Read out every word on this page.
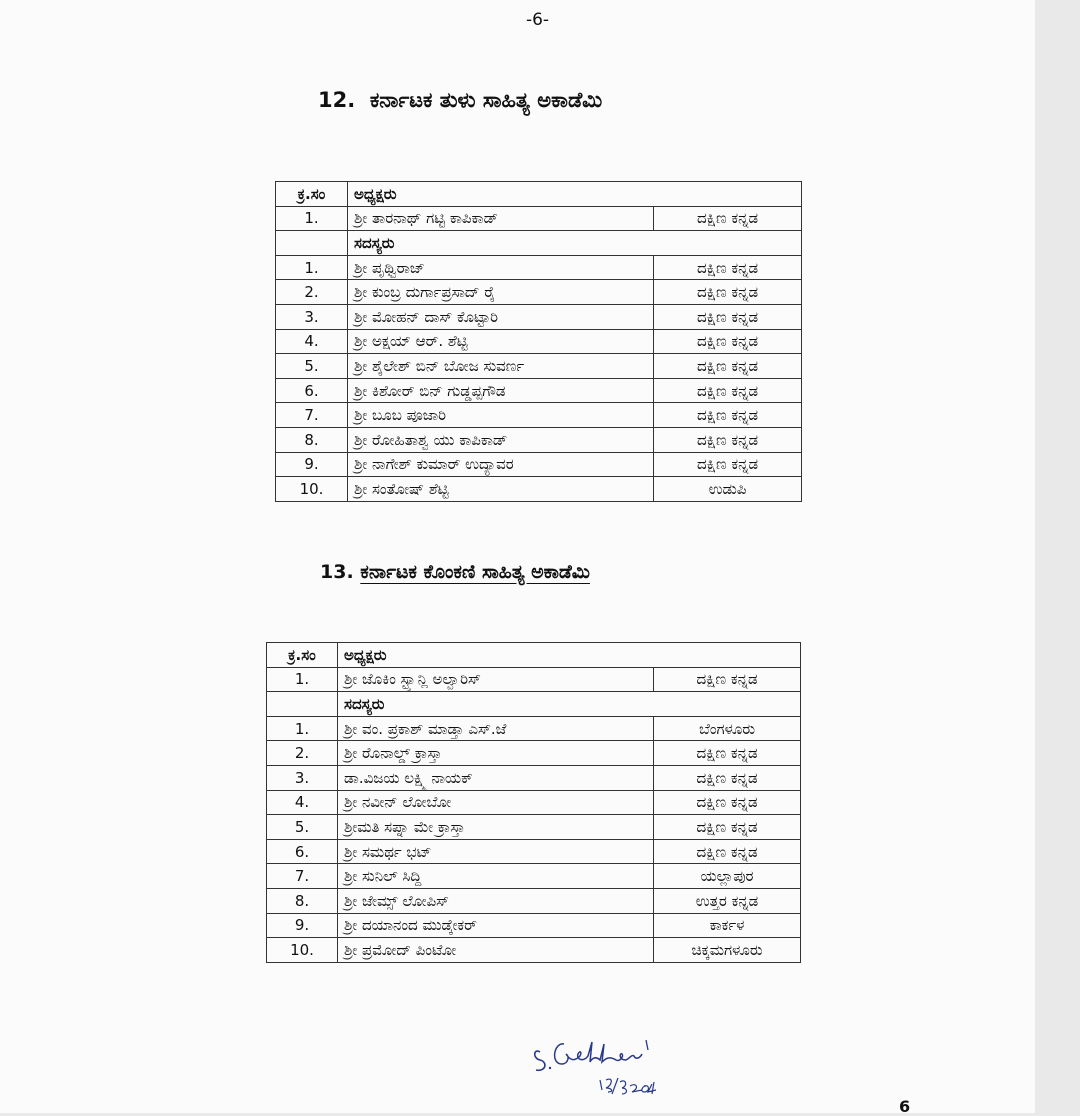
-6-
12. ಕರ್ನಾಟಕ ತುಳು ಸಾಹಿತ್ಯ ಅಕಾಡೆಮಿ
ಕ್ರ.ಸಂ	ಅಧ್ಯಕ್ಷರು	
1.	ಶ್ರೀ ತಾರನಾಥ್ ಗಟ್ಟಿ ಕಾಪಿಕಾಡ್	ದಕ್ಷಿಣ ಕನ್ನಡ
	ಸದಸ್ಯರು	
1.	ಶ್ರೀ ಪೃಥ್ವಿರಾಜ್	ದಕ್ಷಿಣ ಕನ್ನಡ
2.	ಶ್ರೀ ಕುಂಬ್ರ ದುರ್ಗಾಪ್ರಸಾದ್ ರೈ	ದಕ್ಷಿಣ ಕನ್ನಡ
3.	ಶ್ರೀ ಮೋಹನ್ ದಾಸ್ ಕೊಟ್ಟಾರಿ	ದಕ್ಷಿಣ ಕನ್ನಡ
4.	ಶ್ರೀ ಅಕ್ಷಯ್ ಆರ್. ಶೆಟ್ಟಿ	ದಕ್ಷಿಣ ಕನ್ನಡ
5.	ಶ್ರೀ ಶೈಲೇಶ್ ಬಿನ್ ಬೋಜ ಸುವರ್ಣ	ದಕ್ಷಿಣ ಕನ್ನಡ
6.	ಶ್ರೀ ಕಿಶೋರ್ ಬಿನ್ ಗುಡ್ಡಪ್ಪಗೌಡ	ದಕ್ಷಿಣ ಕನ್ನಡ
7.	ಶ್ರೀ ಬೂಬ ಪೂಜಾರಿ	ದಕ್ಷಿಣ ಕನ್ನಡ
8.	ಶ್ರೀ ರೋಹಿತಾಶ್ವ ಯು ಕಾಪಿಕಾಡ್	ದಕ್ಷಿಣ ಕನ್ನಡ
9.	ಶ್ರೀ ನಾಗೇಶ್ ಕುಮಾರ್ ಉದ್ಯಾವರ	ದಕ್ಷಿಣ ಕನ್ನಡ
10.	ಶ್ರೀ ಸಂತೋಷ್ ಶೆಟ್ಟಿ	ಉಡುಪಿ
13. ಕರ್ನಾಟಕ ಕೊಂಕಣಿ ಸಾಹಿತ್ಯ ಅಕಾಡೆಮಿ
ಕ್ರ.ಸಂ	ಅಧ್ಯಕ್ಷರು	
1.	ಶ್ರೀ ಜೊಕಿಂ ಸ್ಟ್ಯಾನ್ಲಿ ಅಲ್ವಾರಿಸ್	ದಕ್ಷಿಣ ಕನ್ನಡ
	ಸದಸ್ಯರು	
1.	ಶ್ರೀ ವಂ. ಪ್ರಕಾಶ್ ಮಾಡ್ತಾ ಎಸ್.ಜೆ	ಬೆಂಗಳೂರು
2.	ಶ್ರೀ ರೊನಾಲ್ಡ್ ಕ್ರಾಸ್ತಾ	ದಕ್ಷಿಣ ಕನ್ನಡ
3.	ಡಾ.ವಿಜಯ ಲಕ್ಷ್ಮಿ ನಾಯಕ್	ದಕ್ಷಿಣ ಕನ್ನಡ
4.	ಶ್ರೀ ನವೀನ್ ಲೋಬೋ	ದಕ್ಷಿಣ ಕನ್ನಡ
5.	ಶ್ರೀಮತಿ ಸಪ್ನಾ ಮೇ ಕ್ರಾಸ್ತಾ	ದಕ್ಷಿಣ ಕನ್ನಡ
6.	ಶ್ರೀ ಸಮರ್ಥ ಭಟ್	ದಕ್ಷಿಣ ಕನ್ನಡ
7.	ಶ್ರೀ ಸುನಿಲ್ ಸಿದ್ದಿ	ಯಲ್ಲಾಪುರ
8.	ಶ್ರೀ ಜೇಮ್ಸ್ ಲೋಪಿಸ್	ಉತ್ತರ ಕನ್ನಡ
9.	ಶ್ರೀ ದಯಾನಂದ ಮುಡ್ಕೇಕರ್	ಕಾರ್ಕಳ
10.	ಶ್ರೀ ಪ್ರಮೋದ್ ಪಿಂಟೋ	ಚಿಕ್ಕಮಗಳೂರು
6
